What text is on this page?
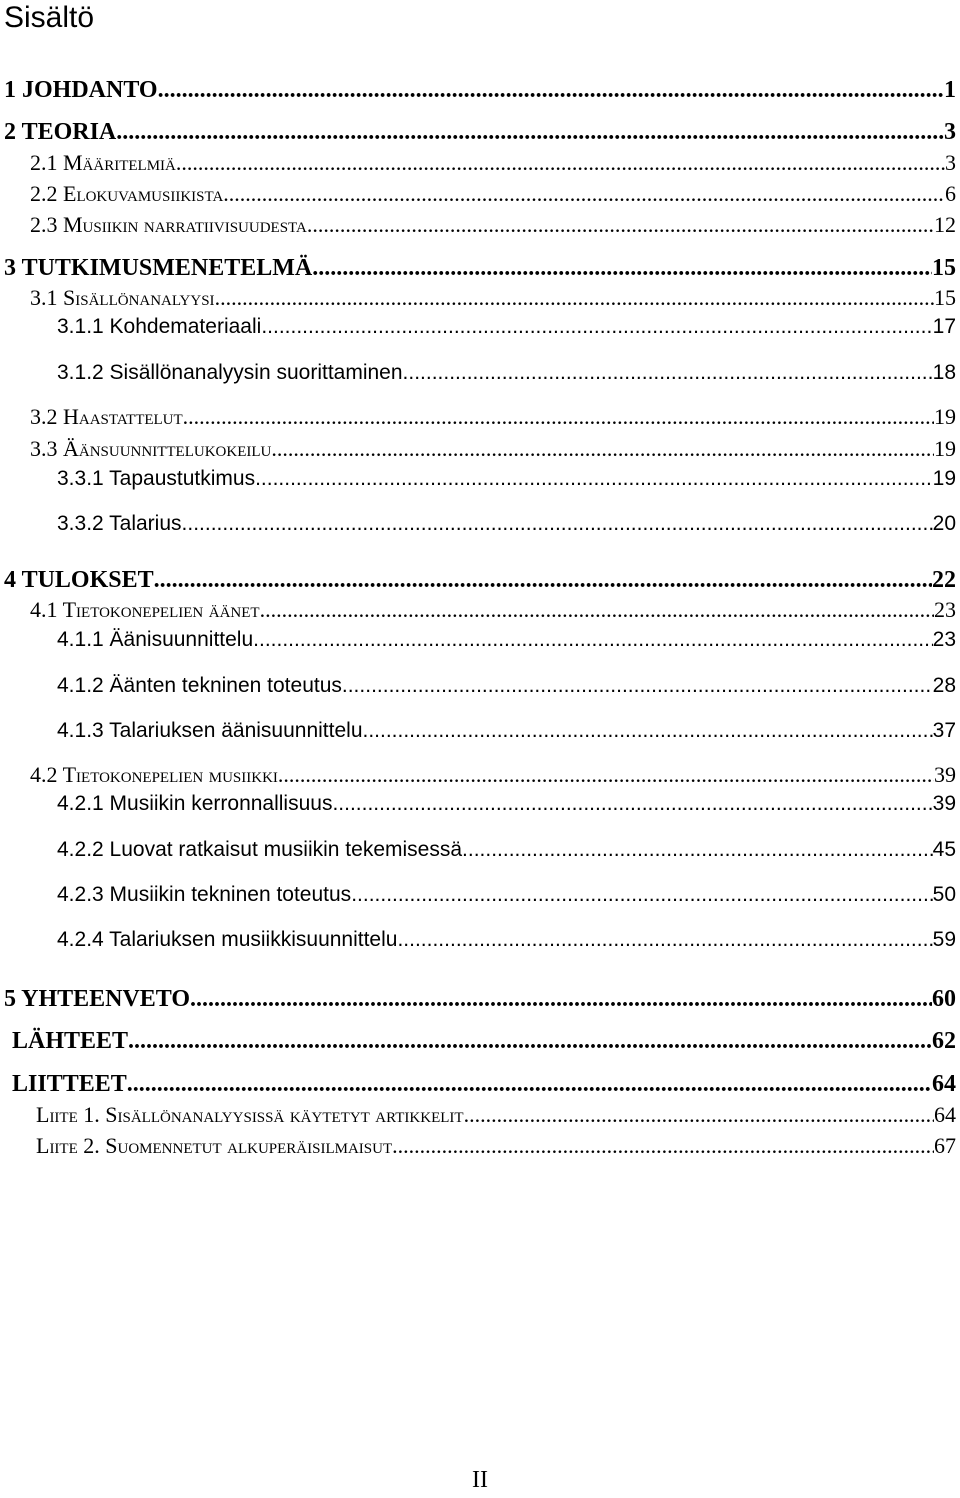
Sisältö
1 JOHDANTO .....	1
2 TEORIA .....	3
2.1 Määritelmiä .....	3
2.2 Elokuvamusiikista .....	6
2.3 Musiikin narratiivisuudesta .....	12
3 TUTKIMUSMENETELMÄ .....	15
3.1 Sisällönanalyysi .....	15
3.1.1 Kohdemateriaali .....	17
3.1.2 Sisällönanalyysin suorittaminen .....	18
3.2 Haastattelut .....	19
3.3 Äänsuunnittelukokeilu .....	19
3.3.1 Tapaustutkimus .....	19
3.3.2 Talarius .....	20
4 TULOKSET .....	22
4.1 Tietokonepelien äänet .....	23
4.1.1 Äänisuunnittelu .....	23
4.1.2 Äänten tekninen toteutus .....	28
4.1.3 Talariuksen äänisuunnittelu .....	37
4.2 Tietokonepelien musiikki .....	39
4.2.1 Musiikin kerronnallisuus .....	39
4.2.2 Luovat ratkaisut musiikin tekemisessä .....	45
4.2.3 Musiikin tekninen toteutus .....	50
4.2.4 Talariuksen musiikkisuunnittelu .....	59
5 YHTEENVETO .....	60
LÄHTEET .....	62
LIITTEET .....	64
Liite 1. Sisällönanalyysissä käytetyt artikkelit .....	64
Liite 2. Suomennetut alkuperäisilmaisut .....	67
II
